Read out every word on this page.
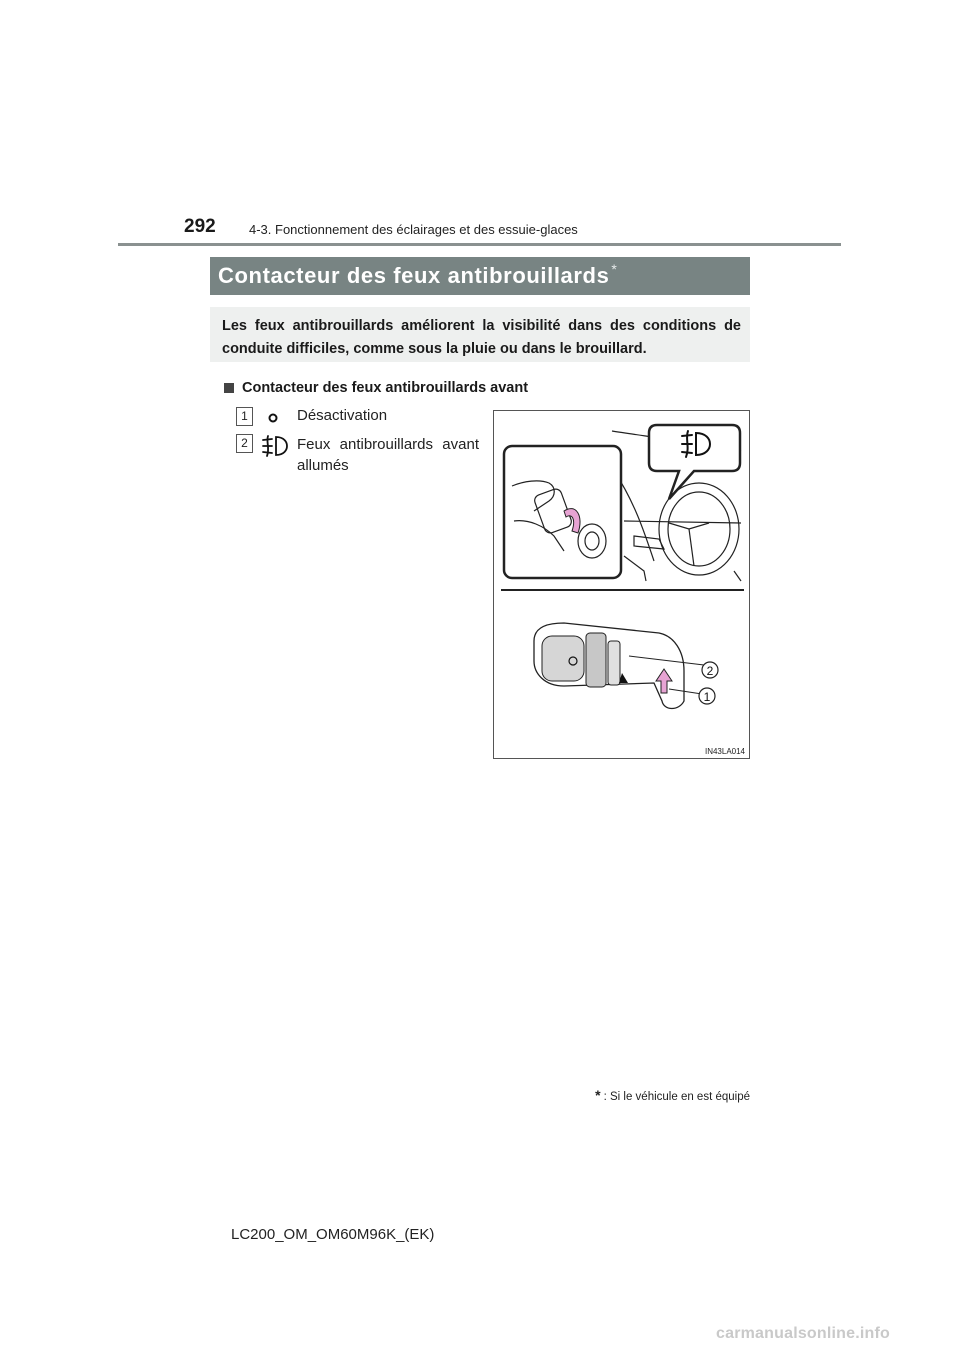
292	4-3. Fonctionnement des éclairages et des essuie-glaces
Contacteur des feux antibrouillards *
Les feux antibrouillards améliorent la visibilité dans des conditions de conduite difficiles, comme sous la pluie ou dans le brouillard.
Contacteur des feux antibrouillards avant
1	Désactivation
2	Feux antibrouillards avant allumés
2
1
IN43LA014
* : Si le véhicule en est équipé
LC200_OM_OM60M96K_(EK)
carmanualsonline.info
